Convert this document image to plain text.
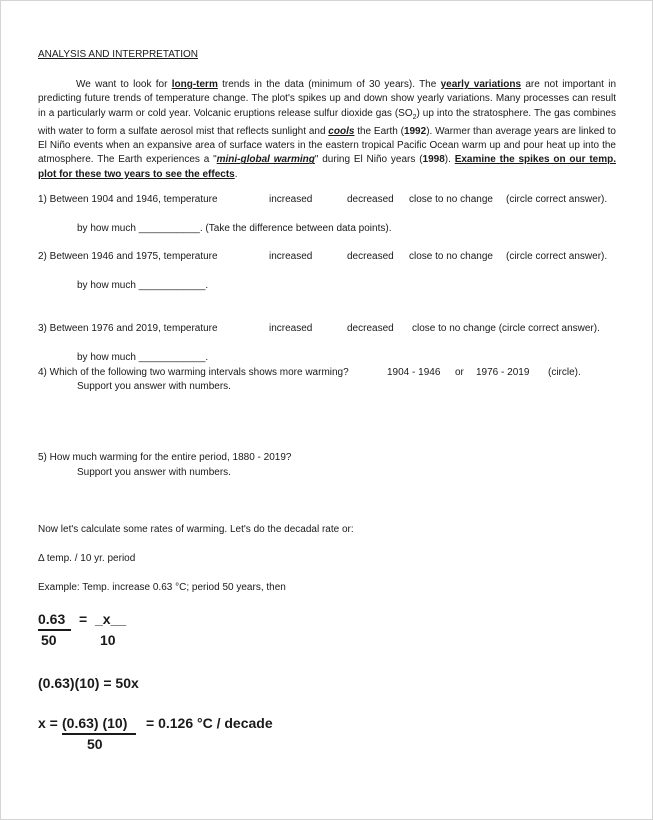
ANALYSIS AND INTERPRETATION
We want to look for long-term trends in the data (minimum of 30 years). The yearly variations are not important in predicting future trends of temperature change. The plot's spikes up and down show yearly variations. Many processes can result in a particularly warm or cold year. Volcanic eruptions release sulfur dioxide gas $(SO_2)$ up into the stratosphere. The gas combines with water to form a sulfate aerosol mist that reflects sunlight and cools the Earth (1992). Warmer than average years are linked to El Niño events when an expansive area of surface waters in the eastern tropical Pacific Ocean warm up and pour heat up into the atmosphere. The Earth experiences a "mini-global warming" during El Niño years (1998). Examine the spikes on our temp. plot for these two years to see the effects.
1) Between 1904 and 1946, temperature	increased	decreased close to no change (circle correct answer).
by how much ___________. (Take the difference between data points).
2) Between 1946 and 1975, temperature	increased	decreased close to no change (circle correct answer).
by how much ____________.
3) Between 1976 and 2019, temperature	increased	decreased close to no change (circle correct answer).
by how much ____________.
4) Which of the following two warming intervals shows more warming?	1904 - 1946 or 1976 - 2019 (circle).
Support you answer with numbers.
5) How much warming for the entire period, 1880 - 2019?
Support you answer with numbers.
Now let's calculate some rates of warming. Let's do the decadal rate or:
Δ temp. / 10 yr. period
Example: Temp. increase 0.63 °C; period 50 years, then
0.63
50
= _x__
10
(0.63)(10) = 50x
x = (0.63) (10) = 0.126 °C / decade
50
